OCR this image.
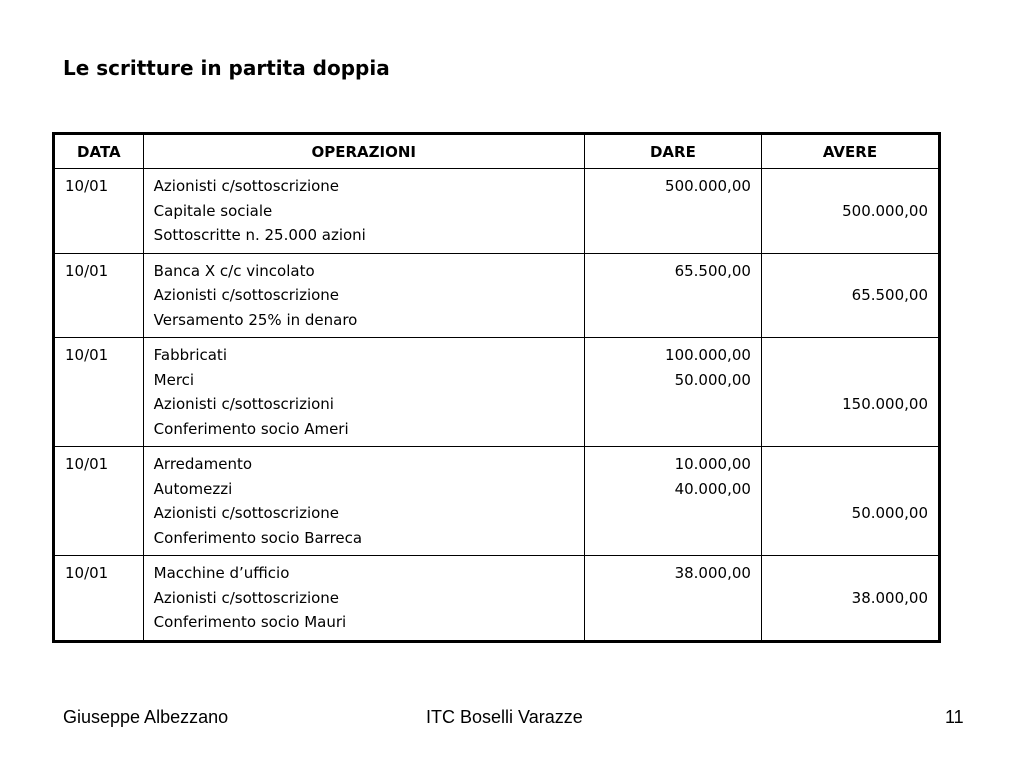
Le scritture in partita doppia
DATA	OPERAZIONI	DARE	AVERE

10/01	Azionisti c/sottoscrizione
Capitale sociale
Sottoscritte n. 25.000 azioni	500.000,00	500.000,00

10/01	Banca X c/c vincolato
Azionisti c/sottoscrizione
Versamento 25% in denaro	65.500,00	65.500,00

10/01	Fabbricati
Merci
Azionisti c/sottoscrizioni
Conferimento socio Ameri	100.000,00
50.000,00	150.000,00

10/01	Arredamento
Automezzi
Azionisti c/sottoscrizione
Conferimento socio Barreca	10.000,00
40.000,00	50.000,00

10/01	Macchine d’ufficio
Azionisti c/sottoscrizione
Conferimento socio Mauri	38.000,00	38.000,00
Giuseppe Albezzano	ITC Boselli Varazze	11
